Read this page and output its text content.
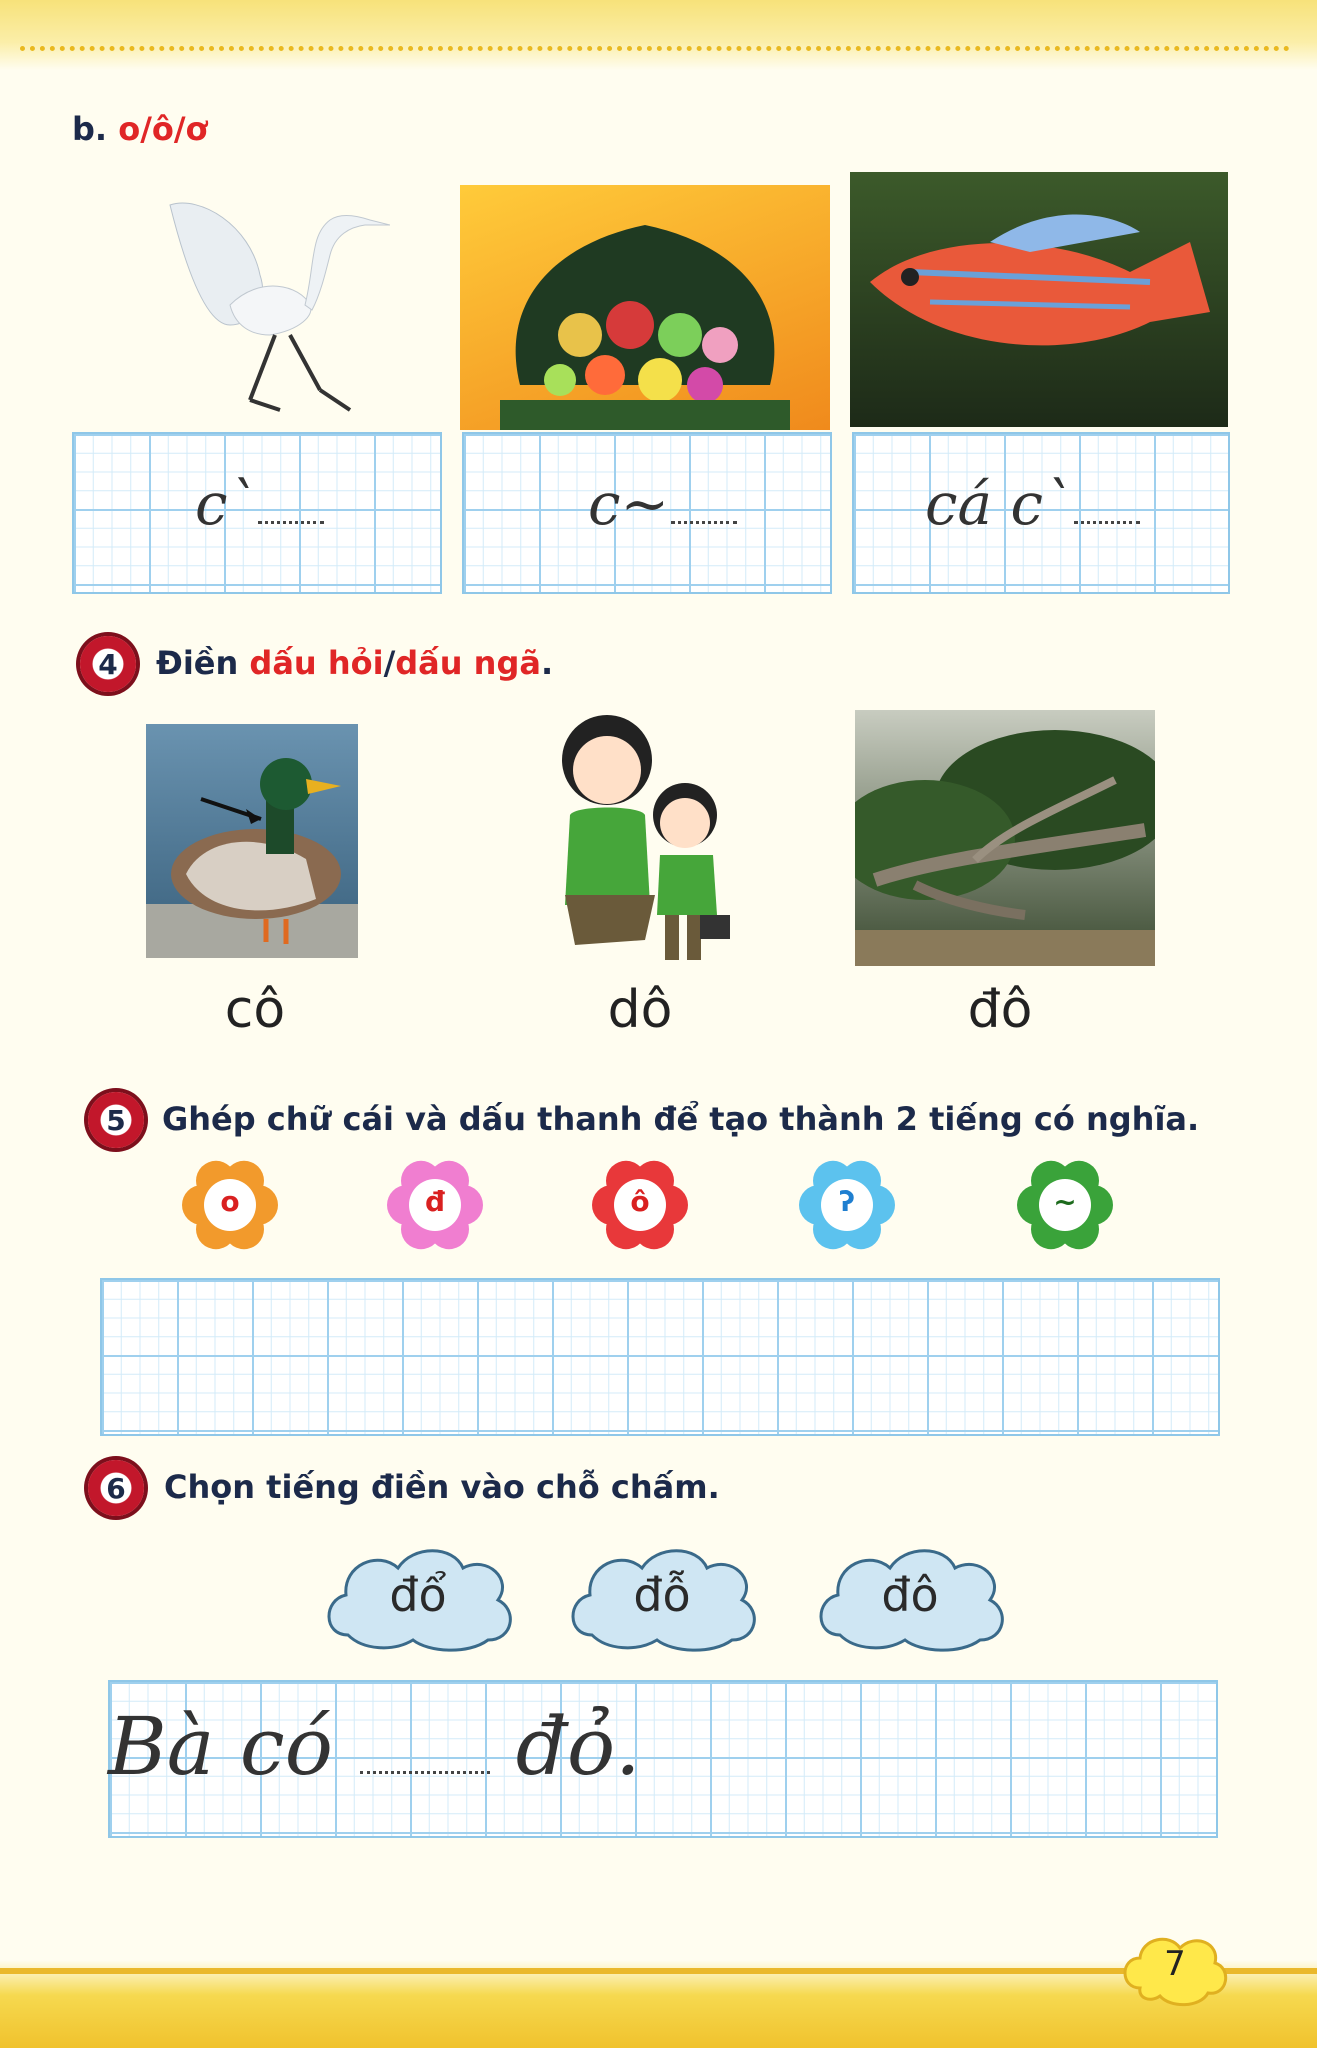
b. o/ô/ơ
c`	c~	cá c`
4 Điền dấu hỏi/dấu ngã.
cô	dô	đô
5 Ghép chữ cái và dấu thanh để tạo thành 2 tiếng có nghĩa.
o	đ	ô	ʔ	~
6 Chọn tiếng điền vào chỗ chấm.
đổ	đỗ	đô
Bà có đỏ.
7
